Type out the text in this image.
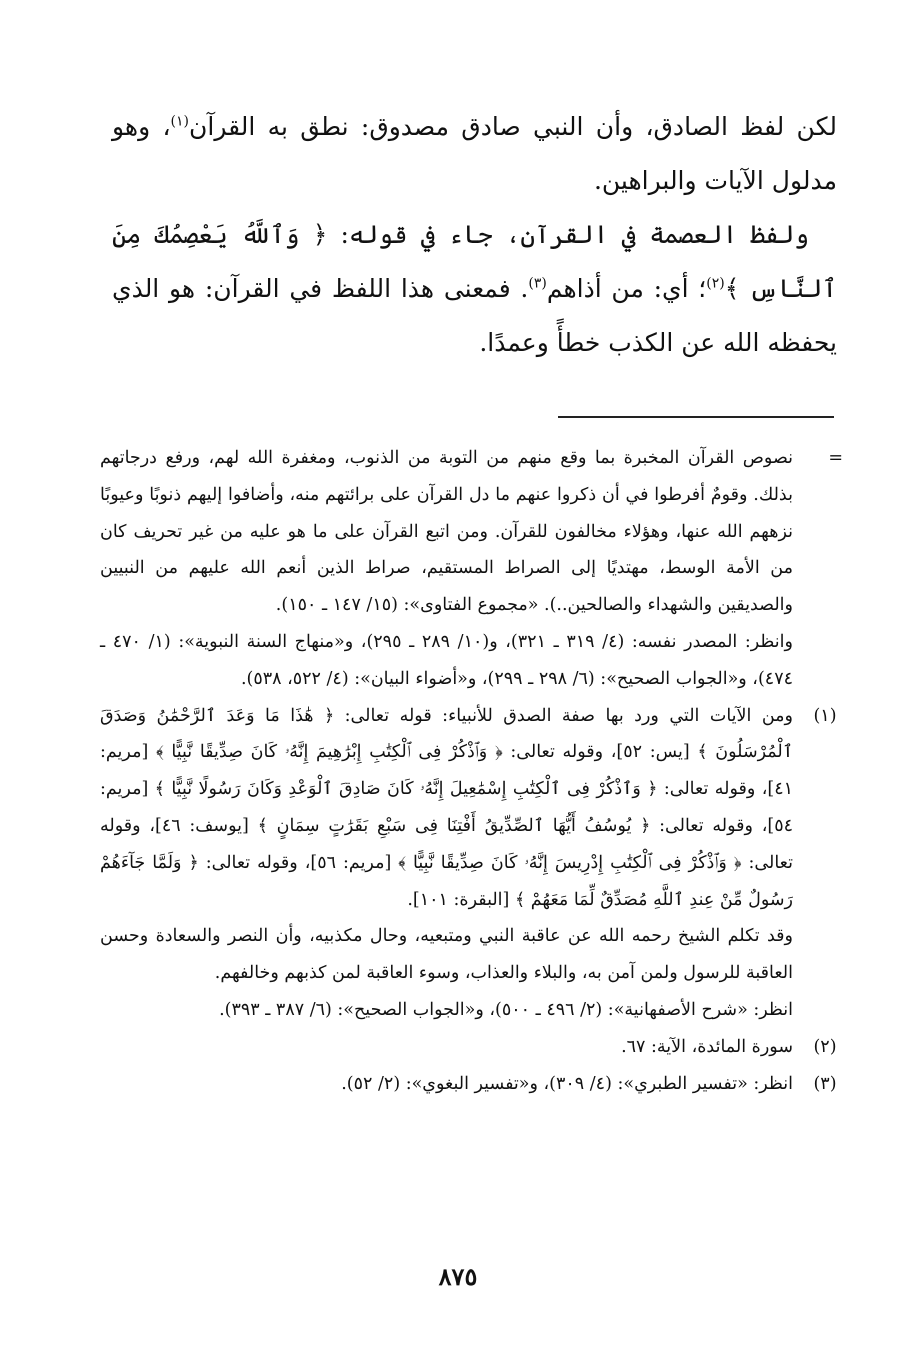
لكن لفظ الصادق، وأن النبي صادق مصدوق: نطق به القرآن$^{(١)}$، وهو مدلول الآيات والبراهين.

ولفظ العصمة في القرآن، جاء في قوله: ﴿ وَٱللَّهُ يَعْصِمُكَ مِنَ ٱلنَّاسِ ﴾$^{(٢)}$؛ أي: من أذاهم$^{(٣)}$. فمعنى هذا اللفظ في القرآن: هو الذي يحفظه الله عن الكذب خطأً وعمدًا.

=

نصوص القرآن المخبرة بما وقع منهم من التوبة من الذنوب، ومغفرة الله لهم، ورفع درجاتهم بذلك. وقومٌ أفرطوا في أن ذكروا عنهم ما دل القرآن على برائتهم منه، وأضافوا إليهم ذنوبًا وعيوبًا نزههم الله عنها، وهؤلاء مخالفون للقرآن. ومن اتبع القرآن على ما هو عليه من غير تحريف كان من الأمة الوسط، مهتديًا إلى الصراط المستقيم، صراط الذين أنعم الله عليهم من النبيين والصديقين والشهداء والصالحين..). «مجموع الفتاوى»: (١٥/ ١٤٧ ـ ١٥٠).

وانظر: المصدر نفسه: (٤/ ٣١٩ ـ ٣٢١)، و(١٠/ ٢٨٩ ـ ٢٩٥)، و«منهاج السنة النبوية»: (١/ ٤٧٠ ـ ٤٧٤)، و«الجواب الصحيح»: (٦/ ٢٩٨ ـ ٢٩٩)، و«أضواء البيان»: (٤/ ٥٢٢، ٥٣٨).

(١)

ومن الآيات التي ورد بها صفة الصدق للأنبياء: قوله تعالى: ﴿ هَٰذَا مَا وَعَدَ ٱلرَّحْمَٰنُ وَصَدَقَ ٱلْمُرْسَلُونَ ﴾ [يس: ٥٢]، وقوله تعالى: ﴿ وَٱذْكُرْ فِى ٱلْكِتَٰبِ إِبْرَٰهِيمَ إِنَّهُۥ كَانَ صِدِّيقًا نَّبِيًّا ﴾ [مريم: ٤١]، وقوله تعالى: ﴿ وَٱذْكُرْ فِى ٱلْكِتَٰبِ إِسْمَٰعِيلَ إِنَّهُۥ كَانَ صَادِقَ ٱلْوَعْدِ وَكَانَ رَسُولًا نَّبِيًّا ﴾ [مريم: ٥٤]، وقوله تعالى: ﴿ يُوسُفُ أَيُّهَا ٱلصِّدِّيقُ أَفْتِنَا فِى سَبْعِ بَقَرَٰتٍ سِمَانٍ ﴾ [يوسف: ٤٦]، وقوله تعالى: ﴿ وَٱذْكُرْ فِى ٱلْكِتَٰبِ إِدْرِيسَ إِنَّهُۥ كَانَ صِدِّيقًا نَّبِيًّا ﴾ [مريم: ٥٦]، وقوله تعالى: ﴿ وَلَمَّا جَآءَهُمْ رَسُولٌ مِّنْ عِندِ ٱللَّهِ مُصَدِّقٌ لِّمَا مَعَهُمْ ﴾ [البقرة: ١٠١].

وقد تكلم الشيخ رحمه الله عن عاقبة النبي ومتبعيه، وحال مكذبيه، وأن النصر والسعادة وحسن العاقبة للرسول ولمن آمن به، والبلاء والعذاب، وسوء العاقبة لمن كذبهم وخالفهم.

انظر: «شرح الأصفهانية»: (٢/ ٤٩٦ ـ ٥٠٠)، و«الجواب الصحيح»: (٦/ ٣٨٧ ـ ٣٩٣).

(٢)

سورة المائدة، الآية: ٦٧.

(٣)

انظر: «تفسير الطبري»: (٤/ ٣٠٩)، و«تفسير البغوي»: (٢/ ٥٢).

٨٧٥
